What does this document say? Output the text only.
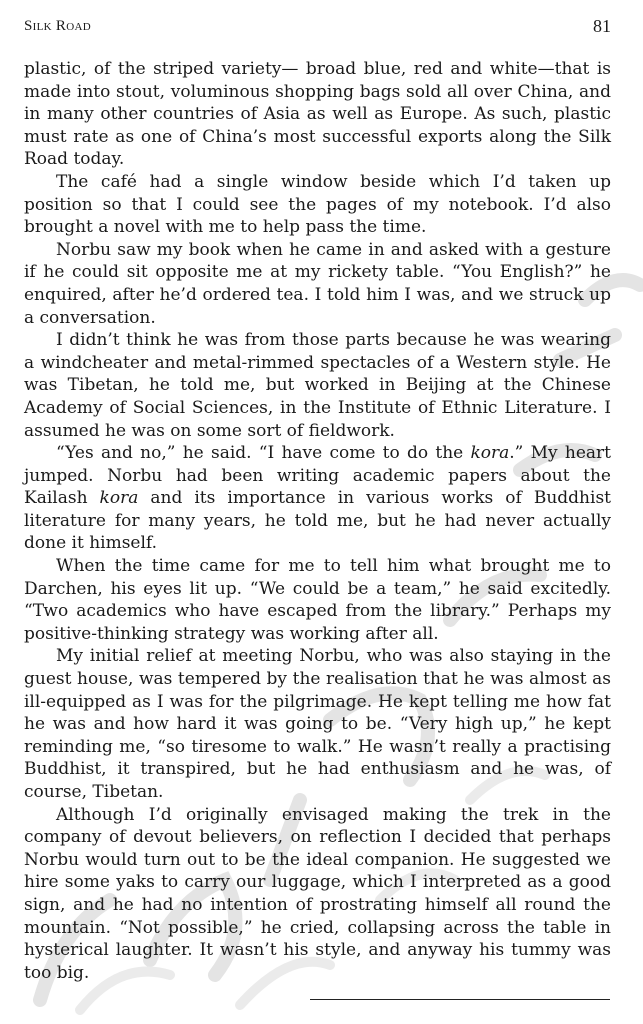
Silk Road	81

plastic, of the striped variety— broad blue, red and white—that is made into stout, voluminous shopping bags sold all over China, and in many other countries of Asia as well as Europe. As such, plastic must rate as one of China’s most successful exports along the Silk Road today.

The café had a single window beside which I’d taken up position so that I could see the pages of my notebook. I’d also brought a novel with me to help pass the time.

Norbu saw my book when he came in and asked with a gesture if he could sit opposite me at my rickety table. “You English?” he enquired, after he’d ordered tea. I told him I was, and we struck up a conversation.

I didn’t think he was from those parts because he was wearing a windcheater and metal-rimmed spectacles of a Western style. He was Tibetan, he told me, but worked in Beijing at the Chinese Academy of Social Sciences, in the Institute of Ethnic Literature. I assumed he was on some sort of fieldwork.

“Yes and no,” he said. “I have come to do the kora.” My heart jumped. Norbu had been writing academic papers about the Kailash kora and its importance in various works of Buddhist literature for many years, he told me, but he had never actually done it himself.

When the time came for me to tell him what brought me to Darchen, his eyes lit up. “We could be a team,” he said excitedly. “Two academics who have escaped from the library.” Perhaps my positive-thinking strategy was working after all.

My initial relief at meeting Norbu, who was also staying in the guest house, was tempered by the realisation that he was almost as ill-equipped as I was for the pilgrimage. He kept telling me how fat he was and how hard it was going to be. “Very high up,” he kept reminding me, “so tiresome to walk.” He wasn’t really a practising Buddhist, it transpired, but he had enthusiasm and he was, of course, Tibetan.

Although I’d originally envisaged making the trek in the company of devout believers, on reflection I decided that perhaps Norbu would turn out to be the ideal companion. He suggested we hire some yaks to carry our luggage, which I interpreted as a good sign, and he had no intention of prostrating himself all round the mountain. “Not possible,” he cried, collapsing across the table in hysterical laughter. It wasn’t his style, and anyway his tummy was too big.
